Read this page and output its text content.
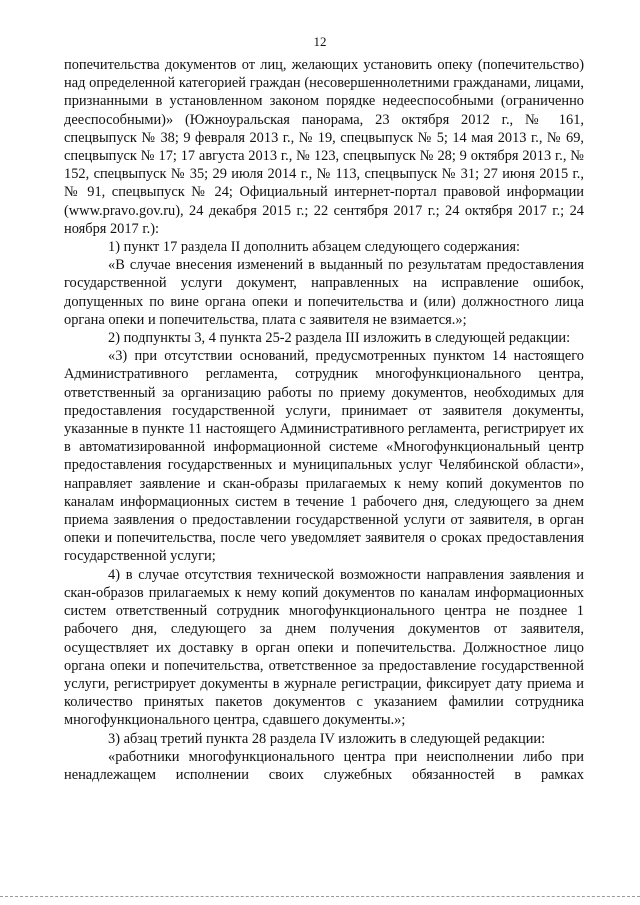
12

попечительства документов от лиц, желающих установить опеку (попечительство) над определенной категорией граждан (несовершеннолетними гражданами, лицами, признанными в установленном законом порядке недееспособными (ограниченно дееспособными)» (Южноуральская панорама, 23 октября 2012 г., № 161, спецвыпуск № 38; 9 февраля 2013 г., № 19, спецвыпуск № 5; 14 мая 2013 г., № 69, спецвыпуск № 17; 17 августа 2013 г., № 123, спецвыпуск № 28; 9 октября 2013 г., № 152, спецвыпуск № 35; 29 июля 2014 г., № 113, спецвыпуск № 31; 27 июня 2015 г., № 91, спецвыпуск № 24; Официальный интернет-портал правовой информации (www.pravo.gov.ru), 24 декабря 2015 г.; 22 сентября 2017 г.; 24 октября 2017 г.; 24 ноября 2017 г.):

1) пункт 17 раздела II дополнить абзацем следующего содержания:

«В случае внесения изменений в выданный по результатам предоставления государственной услуги документ, направленных на исправление ошибок, допущенных по вине органа опеки и попечительства и (или) должностного лица органа опеки и попечительства, плата с заявителя не взимается.»;

2) подпункты 3, 4 пункта 25-2 раздела III изложить в следующей редакции:

«3) при отсутствии оснований, предусмотренных пунктом 14 настоящего Административного регламента, сотрудник многофункционального центра, ответственный за организацию работы по приему документов, необходимых для предоставления государственной услуги, принимает от заявителя документы, указанные в пункте 11 настоящего Административного регламента, регистрирует их в автоматизированной информационной системе «Многофункциональный центр предоставления государственных и муниципальных услуг Челябинской области», направляет заявление и скан-образы прилагаемых к нему копий документов по каналам информационных систем в течение 1 рабочего дня, следующего за днем приема заявления о предоставлении государственной услуги от заявителя, в орган опеки и попечительства, после чего уведомляет заявителя о сроках предоставления государственной услуги;

4) в случае отсутствия технической возможности направления заявления и скан-образов прилагаемых к нему копий документов по каналам информационных систем ответственный сотрудник многофункционального центра не позднее 1 рабочего дня, следующего за днем получения документов от заявителя, осуществляет их доставку в орган опеки и попечительства. Должностное лицо органа опеки и попечительства, ответственное за предоставление государственной услуги, регистрирует документы в журнале регистрации, фиксирует дату приема и количество принятых пакетов документов с указанием фамилии сотрудника многофункционального центра, сдавшего документы.»;

3) абзац третий пункта 28 раздела IV изложить в следующей редакции:

«работники многофункционального центра при неисполнении либо при ненадлежащем исполнении своих служебных обязанностей в рамках
